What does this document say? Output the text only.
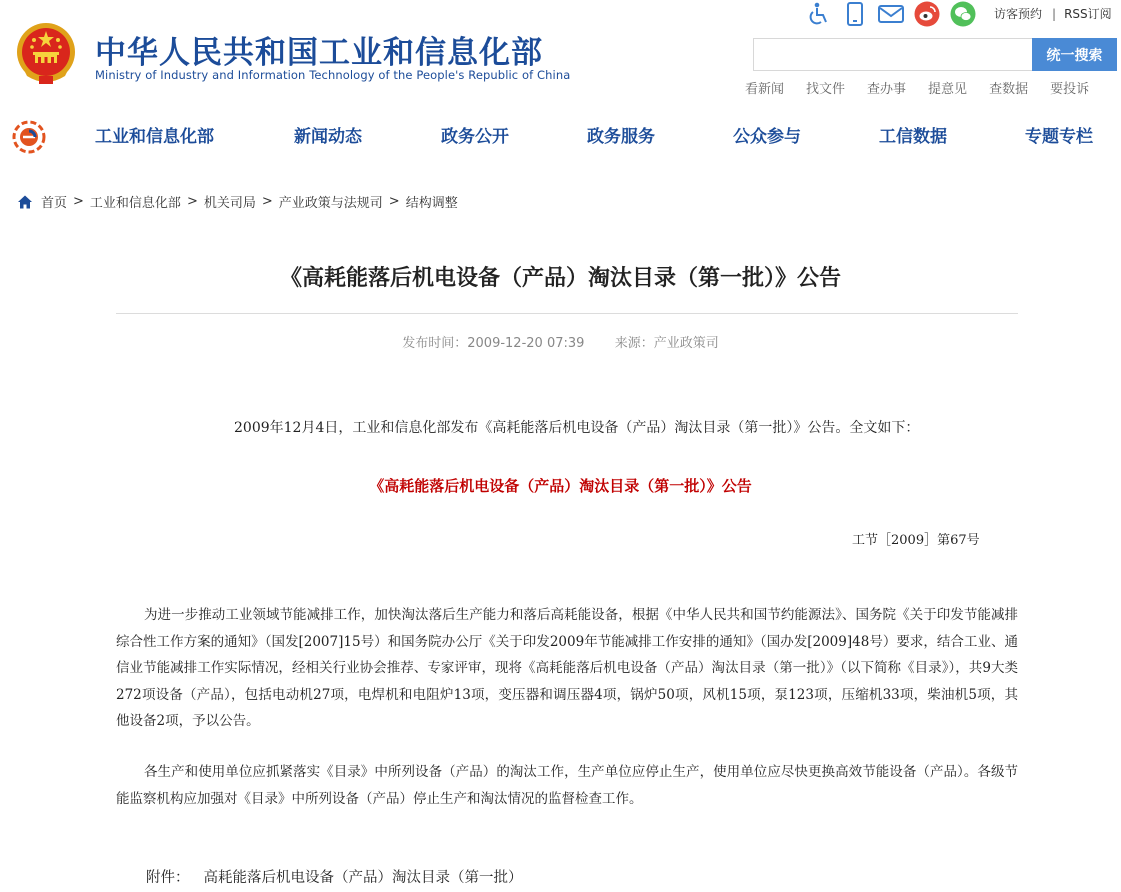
中华人民共和国工业和信息化部
Ministry of Industry and Information Technology of the People's Republic of China
访客预约 | RSS订阅
统一搜索
看新闻 找文件 查办事 提意见 查数据 要投诉
工业和信息化部	新闻动态	政务公开	政务服务	公众参与	工信数据	专题专栏
首页 > 工业和信息化部 > 机关司局 > 产业政策与法规司 > 结构调整
《高耗能落后机电设备（产品）淘汰目录（第一批）》公告
发布时间：2009-12-20 07:39 来源：产业政策司
2009年12月4日，工业和信息化部发布《高耗能落后机电设备（产品）淘汰目录（第一批）》公告。全文如下：
《高耗能落后机电设备（产品）淘汰目录（第一批）》公告
工节［2009］第67号

为进一步推动工业领域节能减排工作，加快淘汰落后生产能力和落后高耗能设备，根据《中华人民共和国节约能源法》、国务院《关于印发节能减排综合性工作方案的通知》（国发[2007]15号）和国务院办公厅《关于印发2009年节能减排工作安排的通知》（国办发[2009]48号）要求，结合工业、通信业节能减排工作实际情况，经相关行业协会推荐、专家评审，现将《高耗能落后机电设备（产品）淘汰目录（第一批）》（以下简称《目录》），共9大类272项设备（产品），包括电动机27项，电焊机和电阻炉13项，变压器和调压器4项，锅炉50项，风机15项，泵123项，压缩机33项，柴油机5项，其他设备2项，予以公告。

各生产和使用单位应抓紧落实《目录》中所列设备（产品）的淘汰工作，生产单位应停止生产，使用单位应尽快更换高效节能设备（产品）。各级节能监察机构应加强对《目录》中所列设备（产品）停止生产和淘汰情况的监督检查工作。

附件： 高耗能落后机电设备（产品）淘汰目录（第一批）
